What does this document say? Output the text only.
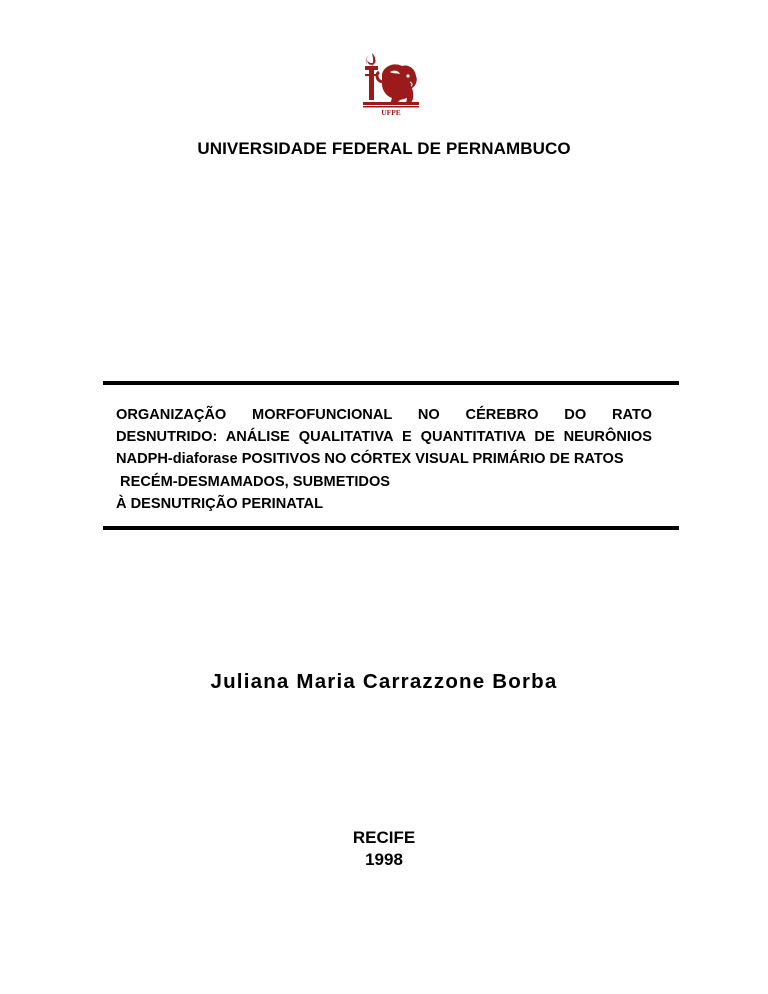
UFPE
UNIVERSIDADE FEDERAL DE PERNAMBUCO
ORGANIZAÇÃO MORFOFUNCIONAL NO CÉREBRO DO RATO
DESNUTRIDO: ANÁLISE QUALITATIVA E QUANTITATIVA DE NEURÔNIOS
NADPH-diaforase POSITIVOS NO CÓRTEX VISUAL PRIMÁRIO DE RATOS
RECÉM-DESMAMADOS, SUBMETIDOS
À DESNUTRIÇÃO PERINATAL
Juliana Maria Carrazzone Borba
RECIFE
1998
